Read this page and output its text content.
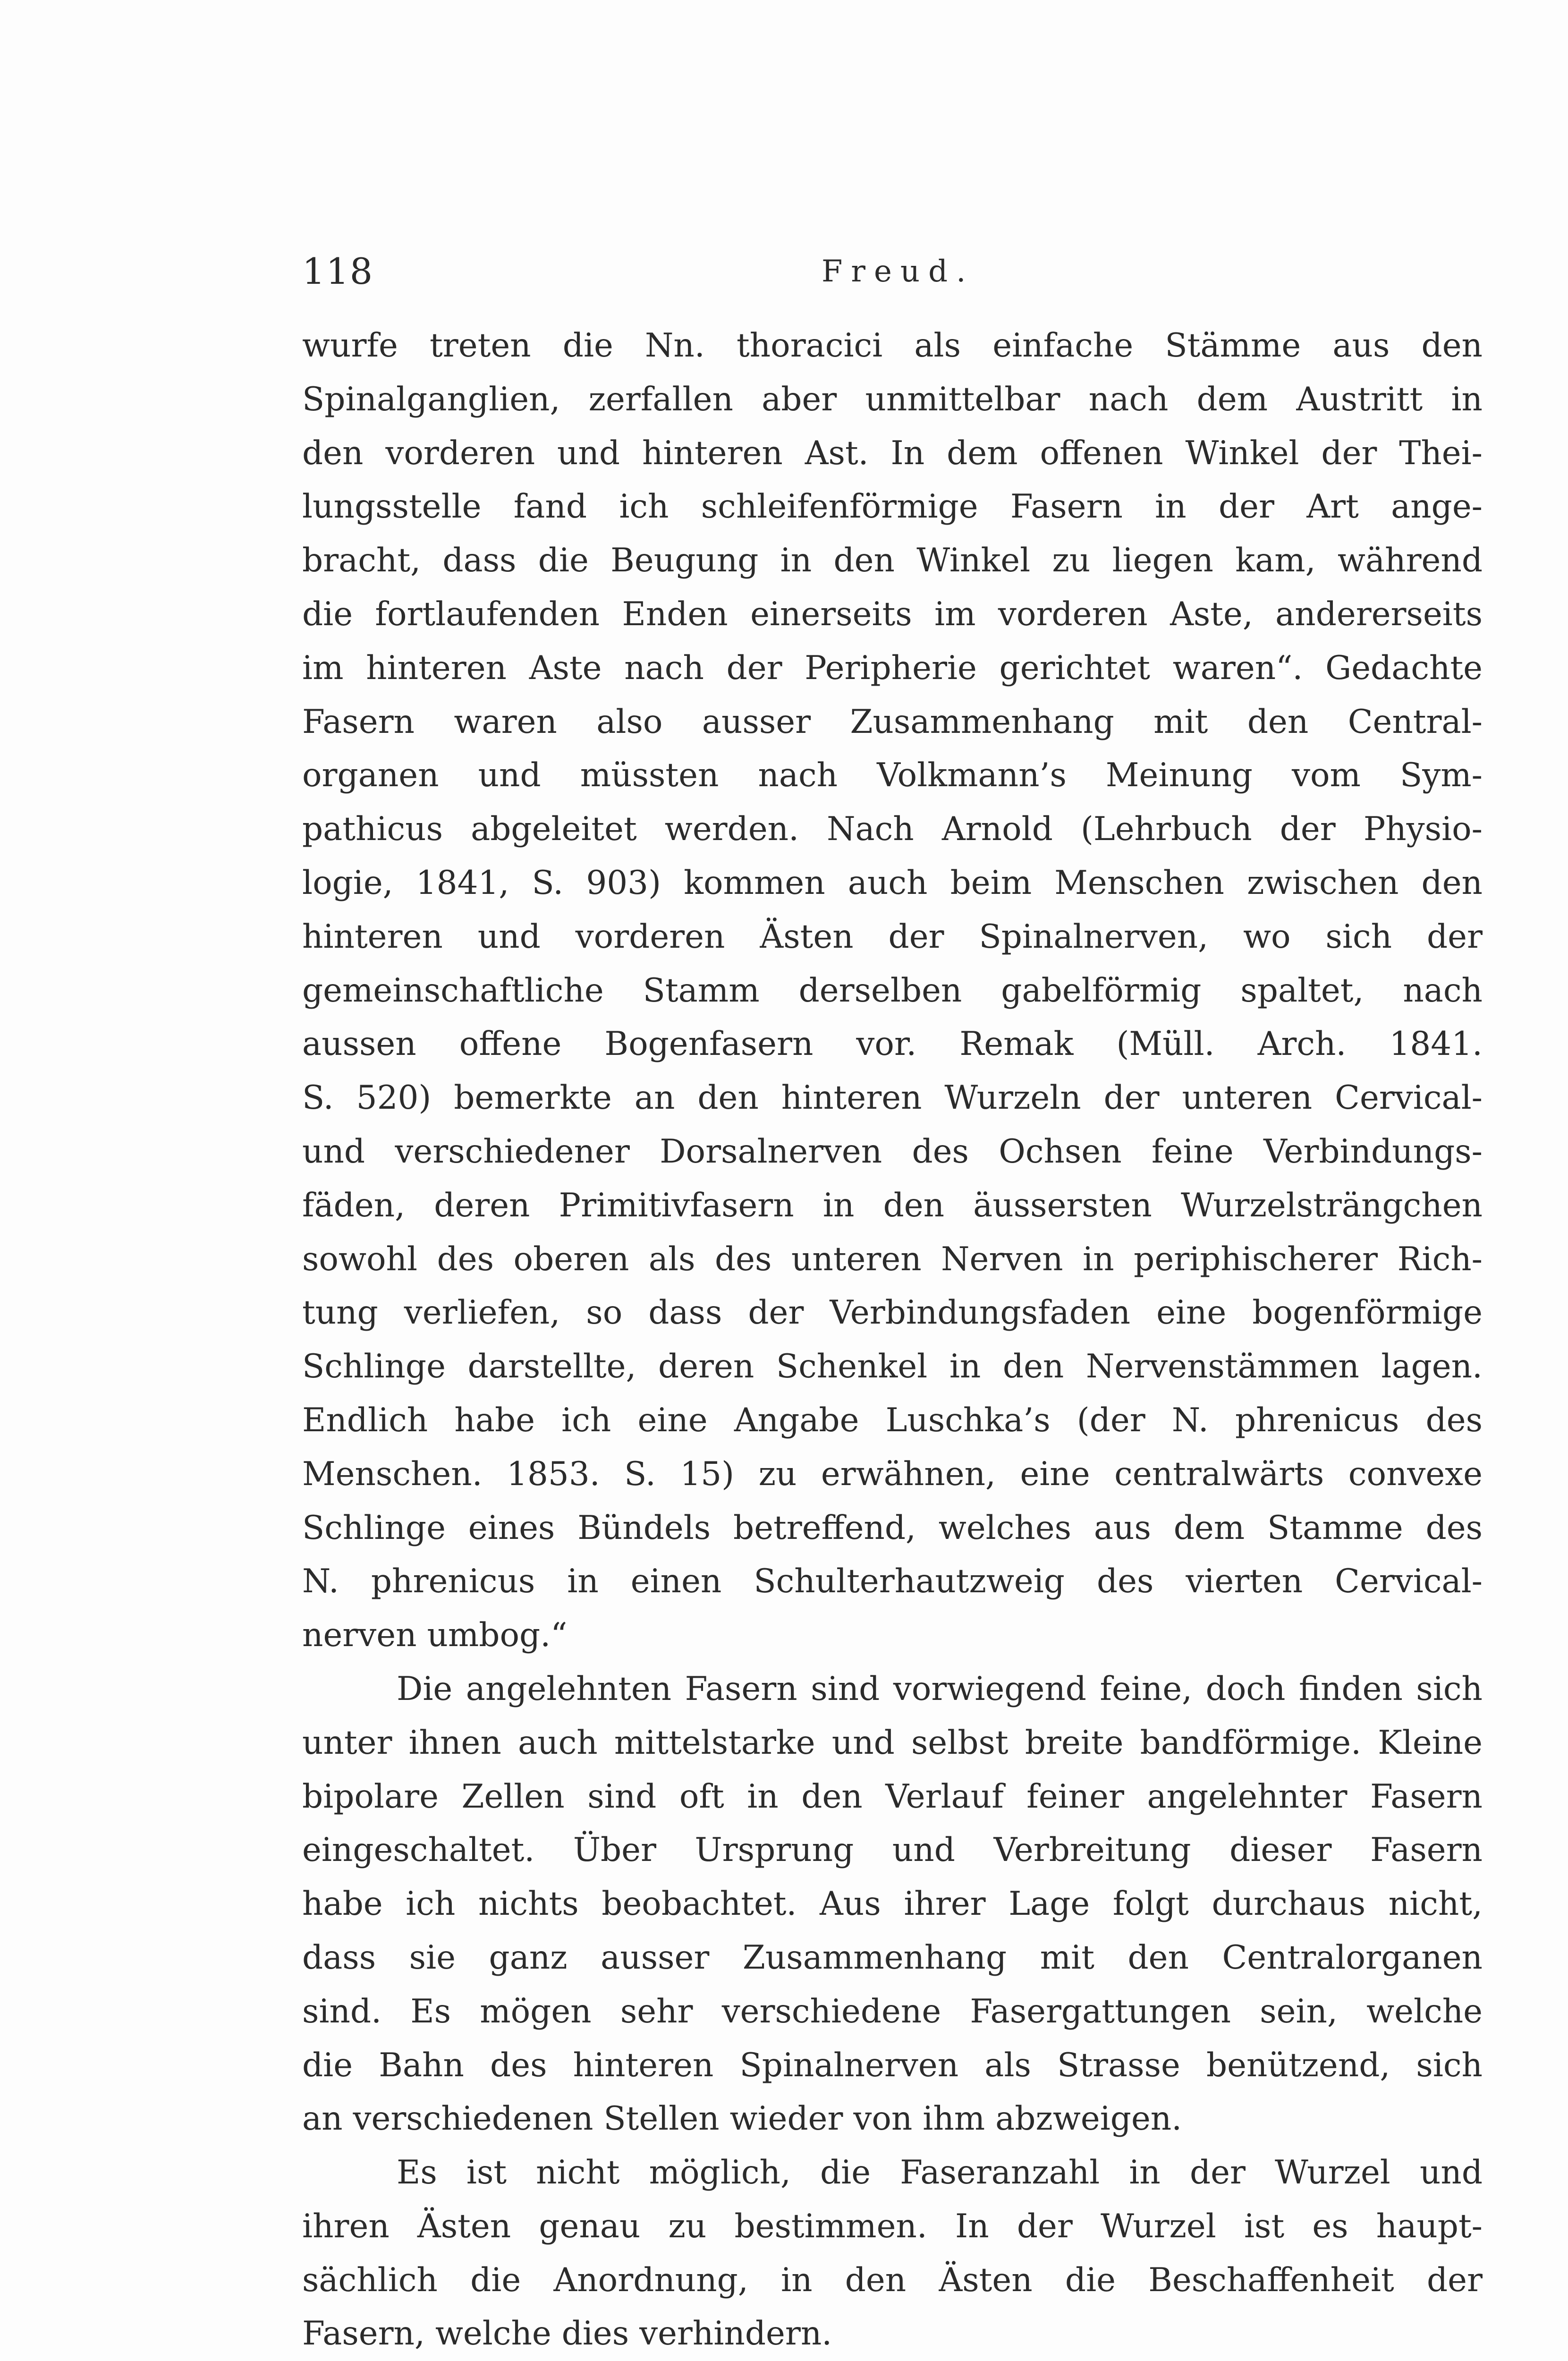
118	Freud.
wurfe treten die Nn. thoracici als einfache Stämme aus den
Spinalganglien, zerfallen aber unmittelbar nach dem Austritt in
den vorderen und hinteren Ast. In dem offenen Winkel der Thei-
lungsstelle fand ich schleifenförmige Fasern in der Art ange-
bracht, dass die Beugung in den Winkel zu liegen kam, während
die fortlaufenden Enden einerseits im vorderen Aste, andererseits
im hinteren Aste nach der Peripherie gerichtet waren“. Gedachte
Fasern waren also ausser Zusammenhang mit den Central-
organen und müssten nach Volkmann’s Meinung vom Sym-
pathicus abgeleitet werden. Nach Arnold (Lehrbuch der Physio-
logie, 1841, S. 903) kommen auch beim Menschen zwischen den
hinteren und vorderen Ästen der Spinalnerven, wo sich der
gemeinschaftliche Stamm derselben gabelförmig spaltet, nach
aussen offene Bogenfasern vor. Remak (Müll. Arch. 1841.
S. 520) bemerkte an den hinteren Wurzeln der unteren Cervical-
und verschiedener Dorsalnerven des Ochsen feine Verbindungs-
fäden, deren Primitivfasern in den äussersten Wurzelsträngchen
sowohl des oberen als des unteren Nerven in periphischerer Rich-
tung verliefen, so dass der Verbindungsfaden eine bogenförmige
Schlinge darstellte, deren Schenkel in den Nervenstämmen lagen.
Endlich habe ich eine Angabe Luschka’s (der N. phrenicus des
Menschen. 1853. S. 15) zu erwähnen, eine centralwärts convexe
Schlinge eines Bündels betreffend, welches aus dem Stamme des
N. phrenicus in einen Schulterhautzweig des vierten Cervical-
nerven umbog.“
Die angelehnten Fasern sind vorwiegend feine, doch finden sich
unter ihnen auch mittelstarke und selbst breite bandförmige. Kleine
bipolare Zellen sind oft in den Verlauf feiner angelehnter Fasern
eingeschaltet. Über Ursprung und Verbreitung dieser Fasern
habe ich nichts beobachtet. Aus ihrer Lage folgt durchaus nicht,
dass sie ganz ausser Zusammenhang mit den Centralorganen
sind. Es mögen sehr verschiedene Fasergattungen sein, welche
die Bahn des hinteren Spinalnerven als Strasse benützend, sich
an verschiedenen Stellen wieder von ihm abzweigen.
Es ist nicht möglich, die Faseranzahl in der Wurzel und
ihren Ästen genau zu bestimmen. In der Wurzel ist es haupt-
sächlich die Anordnung, in den Ästen die Beschaffenheit der
Fasern, welche dies verhindern.
